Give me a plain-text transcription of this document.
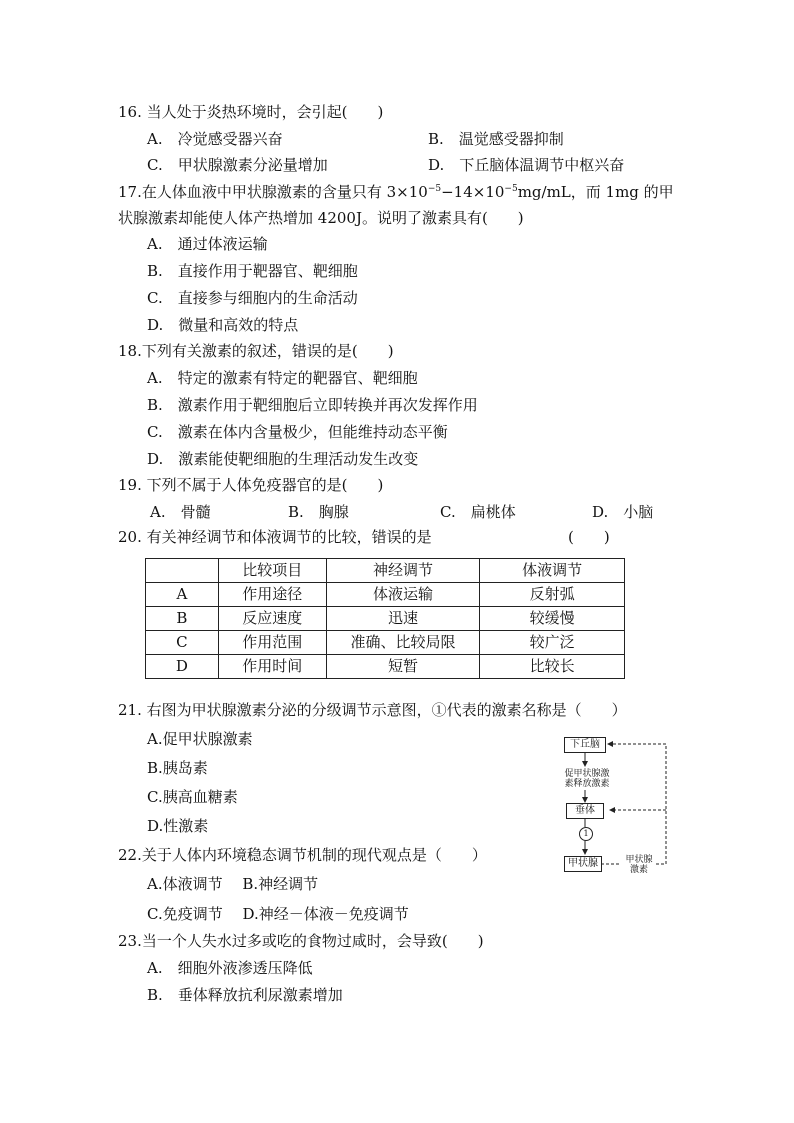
16. 当人处于炎热环境时，会引起(　　)
A.　冷觉感受器兴奋	B.　温觉感受器抑制
C.　甲状腺激素分泌量增加	D.　下丘脑体温调节中枢兴奋
17.在人体血液中甲状腺激素的含量只有 $3\times 10^{-5}-14\times 10^{-5}mg/mL$，而 1mg 的甲
状腺激素却能使人体产热增加 4200J。说明了激素具有(　　)
A.　通过体液运输
B.　直接作用于靶器官、靶细胞
C.　直接参与细胞内的生命活动
D.　微量和高效的特点
18.下列有关激素的叙述，错误的是(　　)
A.　特定的激素有特定的靶器官、靶细胞
B.　激素作用于靶细胞后立即转换并再次发挥作用
C.　激素在体内含量极少，但能维持动态平衡
D.　激素能使靶细胞的生理活动发生改变
19. 下列不属于人体免疫器官的是(　　)
A.　骨髓	B.　胸腺	C.　扁桃体	D.　小脑
20. 有关神经调节和体液调节的比较，错误的是	(　　)
	比较项目	神经调节	体液调节
A	作用途径	体液运输	反射弧
B	反应速度	迅速	较缓慢
C	作用范围	准确、比较局限	较广泛
D	作用时间	短暂	比较长
21. 右图为甲状腺激素分泌的分级调节示意图，①代表的激素名称是（　　）
A.促甲状腺激素
B.胰岛素
C.胰高血糖素
D.性激素
下丘脑
促甲状腺激
素释放激素
垂体
1
甲状腺	甲状腺
激素
22.关于人体内环境稳态调节机制的现代观点是（　　）
A.体液调节　 B.神经调节
C.免疫调节　 D.神经－体液－免疫调节
23.当一个人失水过多或吃的食物过咸时，会导致(　　)
A.　细胞外液渗透压降低
B.　垂体释放抗利尿激素增加
